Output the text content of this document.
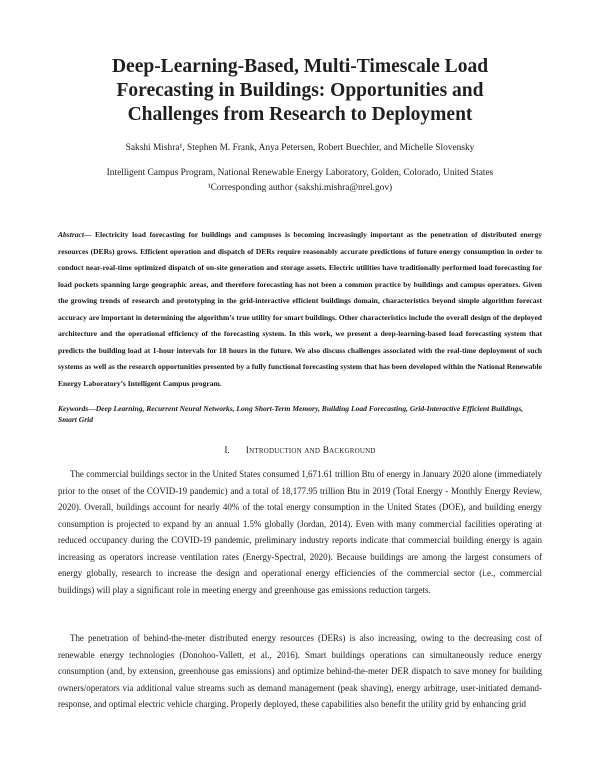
Deep-Learning-Based, Multi-Timescale Load
Forecasting in Buildings: Opportunities and
Challenges from Research to Deployment
Sakshi Mishra¹, Stephen M. Frank, Anya Petersen, Robert Buechler, and Michelle Slovensky
Intelligent Campus Program, National Renewable Energy Laboratory, Golden, Colorado, United States
¹Corresponding author (sakshi.mishra@nrel.gov)
Abstract— Electricity load forecasting for buildings and campuses is becoming increasingly important as the penetration of distributed energy resources (DERs) grows. Efficient operation and dispatch of DERs require reasonably accurate predictions of future energy consumption in order to conduct near-real-time optimized dispatch of on-site generation and storage assets. Electric utilities have traditionally performed load forecasting for load pockets spanning large geographic areas, and therefore forecasting has not been a common practice by buildings and campus operators. Given the growing trends of research and prototyping in the grid-interactive efficient buildings domain, characteristics beyond simple algorithm forecast accuracy are important in determining the algorithm’s true utility for smart buildings. Other characteristics include the overall design of the deployed architecture and the operational efficiency of the forecasting system. In this work, we present a deep-learning-based load forecasting system that predicts the building load at 1-hour intervals for 18 hours in the future. We also discuss challenges associated with the real-time deployment of such systems as well as the research opportunities presented by a fully functional forecasting system that has been developed within the National Renewable Energy Laboratory’s Intelligent Campus program.
Keywords—Deep Learning, Recurrent Neural Networks, Long Short-Term Memory, Building Load Forecasting, Grid-Interactive Efficient Buildings, Smart Grid
I. Introduction and Background

The commercial buildings sector in the United States consumed 1,671.61 trillion Btu of energy in January 2020 alone (immediately prior to the onset of the COVID-19 pandemic) and a total of 18,177.95 trillion Btu in 2019 (Total Energy - Monthly Energy Review, 2020). Overall, buildings account for nearly 40% of the total energy consumption in the United States (DOE), and building energy consumption is projected to expand by an annual 1.5% globally (Jordan, 2014). Even with many commercial facilities operating at reduced occupancy during the COVID-19 pandemic, preliminary industry reports indicate that commercial building energy is again increasing as operators increase ventilation rates (Energy-Spectral, 2020). Because buildings are among the largest consumers of energy globally, research to increase the design and operational energy efficiencies of the commercial sector (i.e., commercial buildings) will play a significant role in meeting energy and greenhouse gas emissions reduction targets.

The penetration of behind-the-meter distributed energy resources (DERs) is also increasing, owing to the decreasing cost of renewable energy technologies (Donohoo-Vallett, et al., 2016). Smart buildings operations can simultaneously reduce energy consumption (and, by extension, greenhouse gas emissions) and optimize behind-the-meter DER dispatch to save money for building owners/operators via additional value streams such as demand management (peak shaving), energy arbitrage, user-initiated demand-response, and optimal electric vehicle charging. Properly deployed, these capabilities also benefit the utility grid by enhancing grid
